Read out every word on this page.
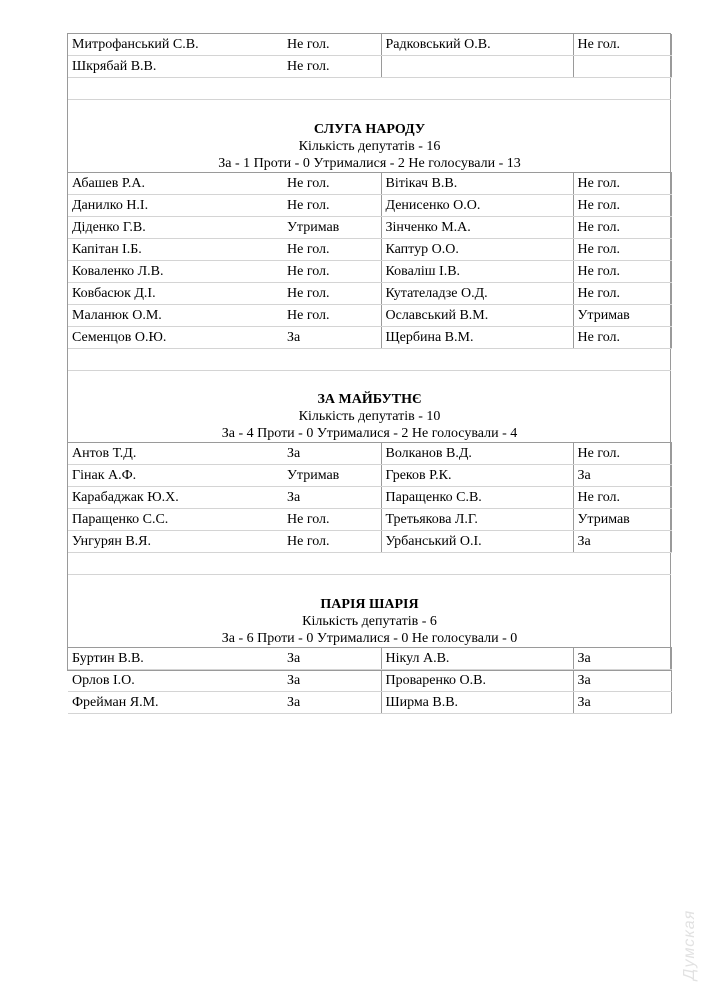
Митрофанський С.В.	Не гол.	Радковський О.В.	Не гол.
Шкрябай В.В.	Не гол.		

СЛУГА НАРОДУ
Кількість депутатів - 16
За - 1 Проти - 0 Утрималися - 2 Не голосували - 13			

Абашев Р.А.	Не гол.	Вітікач В.В.	Не гол.
Данилко Н.І.	Не гол.	Денисенко О.О.	Не гол.
Діденко Г.В.	Утримав	Зінченко М.А.	Не гол.
Капітан І.Б.	Не гол.	Каптур О.О.	Не гол.
Коваленко Л.В.	Не гол.	Коваліш І.В.	Не гол.
Ковбасюк Д.І.	Не гол.	Кутателадзе О.Д.	Не гол.
Маланюк О.М.	Не гол.	Ославський В.М.	Утримав
Семенцов О.Ю.	За	Щербина В.М.	Не гол.

ЗА МАЙБУТНЄ
Кількість депутатів - 10
За - 4 Проти - 0 Утрималися - 2 Не голосували - 4			

Антов Т.Д.	За	Волканов В.Д.	Не гол.
Гінак А.Ф.	Утримав	Греков Р.К.	За
Карабаджак Ю.Х.	За	Паращенко С.В.	Не гол.
Паращенко С.С.	Не гол.	Третьякова Л.Г.	Утримав
Унгурян В.Я.	Не гол.	Урбанський О.І.	За

ПАРІЯ ШАРІЯ
Кількість депутатів - 6
За - 6 Проти - 0 Утрималися - 0 Не голосували - 0			

Буртин В.В.	За	Нікул А.В.	За
Орлов І.О.	За	Проваренко О.В.	За
Фрейман Я.М.	За	Ширма В.В.	За

Думская
